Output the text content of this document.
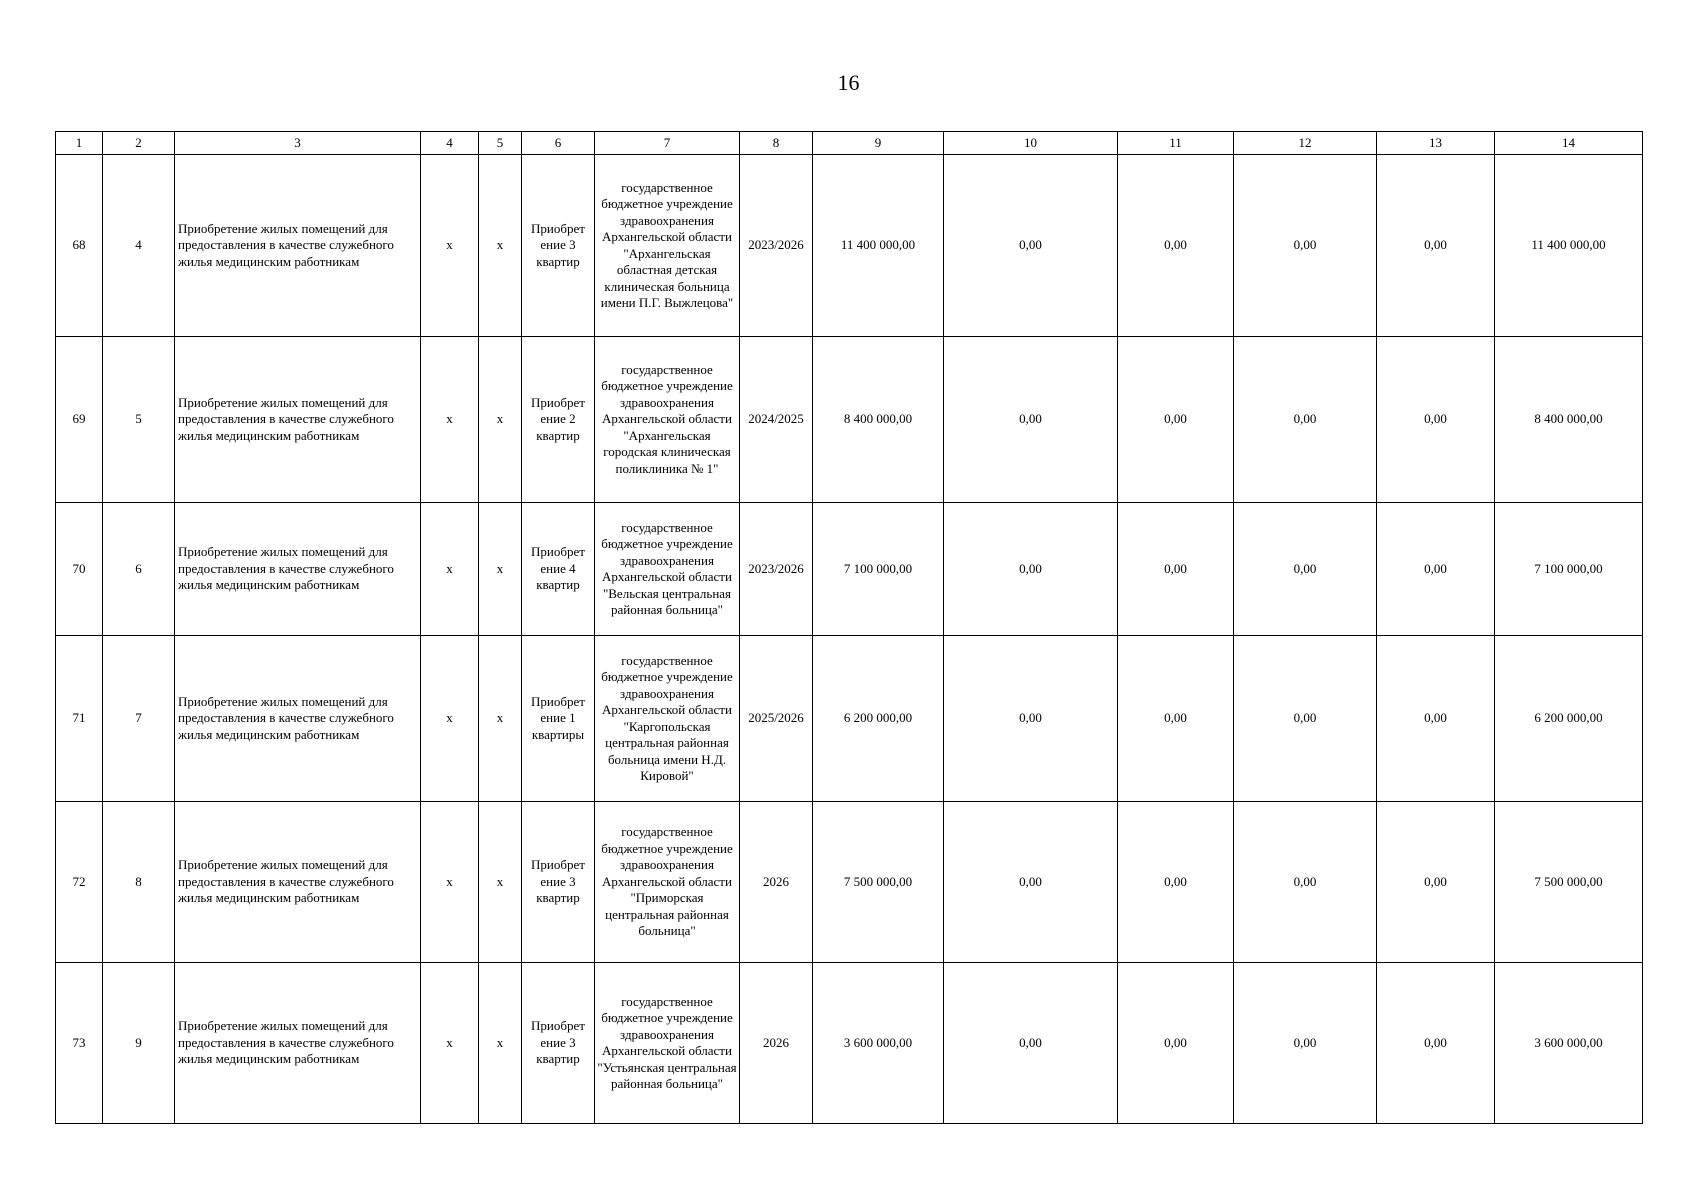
16
1	2	3	4	5	6	7	8	9	10	11	12	13	14
68	4	Приобретение жилых помещений для предоставления в качестве служебного жилья медицинским работникам	х	х	Приобрет ение 3 квартир	государственное бюджетное учреждение здравоохранения Архангельской области "Архангельская областная детская клиническая больница имени П.Г. Выжлецова"	2023/2026	11 400 000,00	0,00	0,00	0,00	0,00	11 400 000,00
69	5	Приобретение жилых помещений для предоставления в качестве служебного жилья медицинским работникам	х	х	Приобрет ение 2 квартир	государственное бюджетное учреждение здравоохранения Архангельской области "Архангельская городская клиническая поликлиника № 1"	2024/2025	8 400 000,00	0,00	0,00	0,00	0,00	8 400 000,00
70	6	Приобретение жилых помещений для предоставления в качестве служебного жилья медицинским работникам	х	х	Приобрет ение 4 квартир	государственное бюджетное учреждение здравоохранения Архангельской области "Вельская центральная районная больница"	2023/2026	7 100 000,00	0,00	0,00	0,00	0,00	7 100 000,00
71	7	Приобретение жилых помещений для предоставления в качестве служебного жилья медицинским работникам	х	х	Приобрет ение 1 квартиры	государственное бюджетное учреждение здравоохранения Архангельской области "Каргопольская центральная районная больница имени Н.Д. Кировой"	2025/2026	6 200 000,00	0,00	0,00	0,00	0,00	6 200 000,00
72	8	Приобретение жилых помещений для предоставления в качестве служебного жилья медицинским работникам	х	х	Приобрет ение 3 квартир	государственное бюджетное учреждение здравоохранения Архангельской области "Приморская центральная районная больница"	2026	7 500 000,00	0,00	0,00	0,00	0,00	7 500 000,00
73	9	Приобретение жилых помещений для предоставления в качестве служебного жилья медицинским работникам	х	х	Приобрет ение 3 квартир	государственное бюджетное учреждение здравоохранения Архангельской области "Устьянская центральная районная больница"	2026	3 600 000,00	0,00	0,00	0,00	0,00	3 600 000,00
